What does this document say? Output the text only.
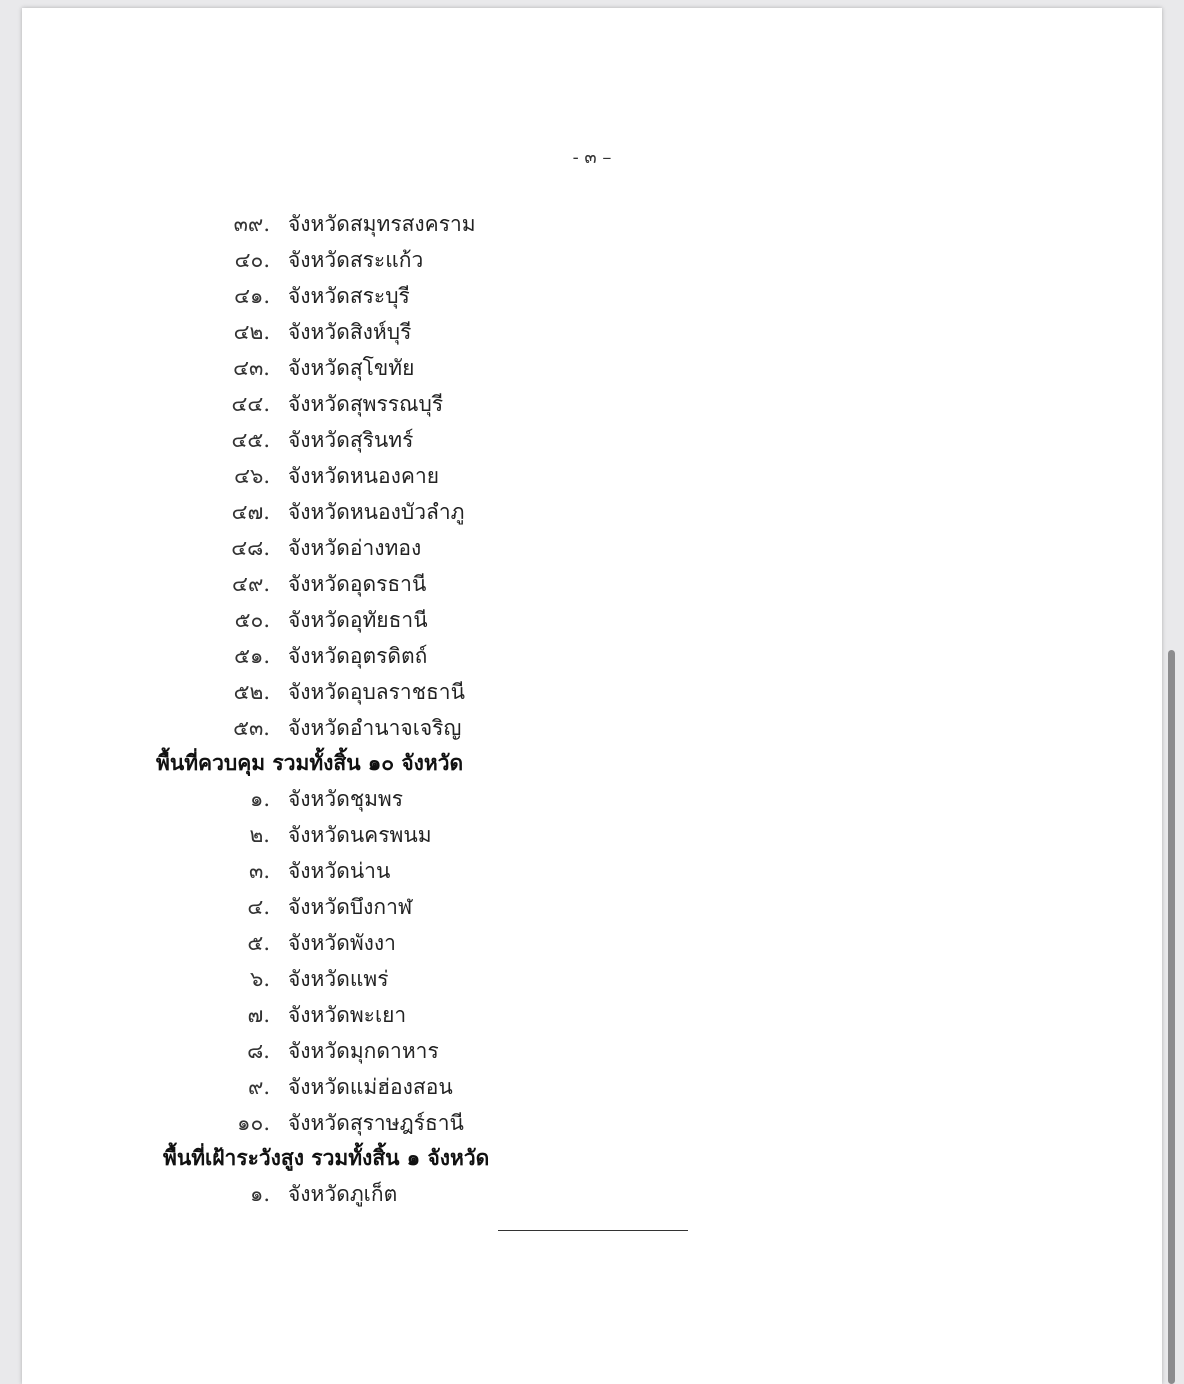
- ๓ –
๓๙. จังหวัดสมุทรสงคราม
๔๐. จังหวัดสระแก้ว
๔๑. จังหวัดสระบุรี
๔๒. จังหวัดสิงห์บุรี
๔๓. จังหวัดสุโขทัย
๔๔. จังหวัดสุพรรณบุรี
๔๕. จังหวัดสุรินทร์
๔๖. จังหวัดหนองคาย
๔๗. จังหวัดหนองบัวลำภู
๔๘. จังหวัดอ่างทอง
๔๙. จังหวัดอุดรธานี
๕๐. จังหวัดอุทัยธานี
๕๑. จังหวัดอุตรดิตถ์
๕๒. จังหวัดอุบลราชธานี
๕๓. จังหวัดอำนาจเจริญ
พื้นที่ควบคุม รวมทั้งสิ้น ๑๐ จังหวัด
๑. จังหวัดชุมพร
๒. จังหวัดนครพนม
๓. จังหวัดน่าน
๔. จังหวัดบึงกาฬ
๕. จังหวัดพังงา
๖. จังหวัดแพร่
๗. จังหวัดพะเยา
๘. จังหวัดมุกดาหาร
๙. จังหวัดแม่ฮ่องสอน
๑๐. จังหวัดสุราษฎร์ธานี
พื้นที่เฝ้าระวังสูง รวมทั้งสิ้น ๑ จังหวัด
๑. จังหวัดภูเก็ต
